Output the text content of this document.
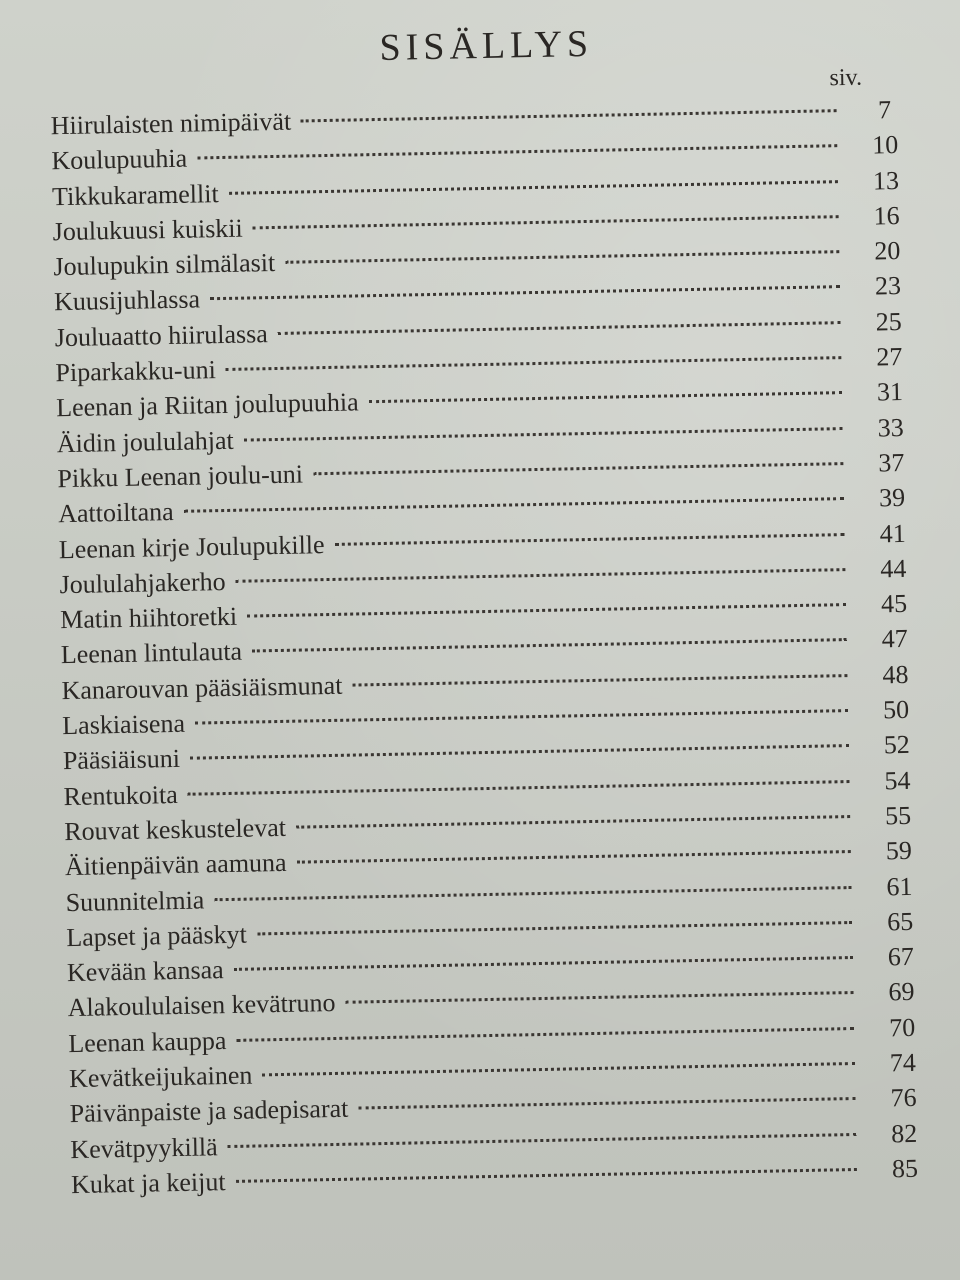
SISÄLLYS
siv.
Hiirulaisten nimipäivät	7
Koulupuuhia	10
Tikkukaramellit	13
Joulukuusi kuiskii	16
Joulupukin silmälasit	20
Kuusijuhlassa	23
Jouluaatto hiirulassa	25
Piparkakku-uni	27
Leenan ja Riitan joulupuuhia	31
Äidin joululahjat	33
Pikku Leenan joulu-uni	37
Aattoiltana	39
Leenan kirje Joulupukille	41
Joululahjakerho	44
Matin hiihtoretki	45
Leenan lintulauta	47
Kanarouvan pääsiäismunat	48
Laskiaisena	50
Pääsiäisuni	52
Rentukoita	54
Rouvat keskustelevat	55
Äitienpäivän aamuna	59
Suunnitelmia	61
Lapset ja pääskyt	65
Kevään kansaa	67
Alakoululaisen kevätruno	69
Leenan kauppa	70
Kevätkeijukainen	74
Päivänpaiste ja sadepisarat	76
Kevätpyykillä	82
Kukat ja keijut	85
